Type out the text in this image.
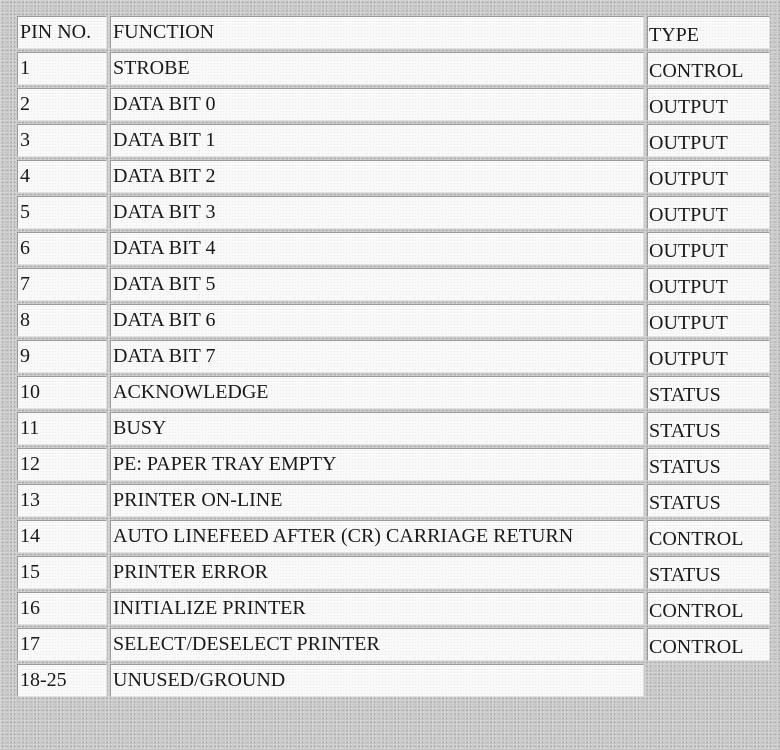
PIN NO.	FUNCTION	TYPE
1	STROBE	CONTROL
2	DATA BIT 0	OUTPUT
3	DATA BIT 1	OUTPUT
4	DATA BIT 2	OUTPUT
5	DATA BIT 3	OUTPUT
6	DATA BIT 4	OUTPUT
7	DATA BIT 5	OUTPUT
8	DATA BIT 6	OUTPUT
9	DATA BIT 7	OUTPUT
10	ACKNOWLEDGE	STATUS
11	BUSY	STATUS
12	PE: PAPER TRAY EMPTY	STATUS
13	PRINTER ON-LINE	STATUS
14	AUTO LINEFEED AFTER (CR) CARRIAGE RETURN	CONTROL
15	PRINTER ERROR	STATUS
16	INITIALIZE PRINTER	CONTROL
17	SELECT/DESELECT PRINTER	CONTROL
18-25	UNUSED/GROUND	
